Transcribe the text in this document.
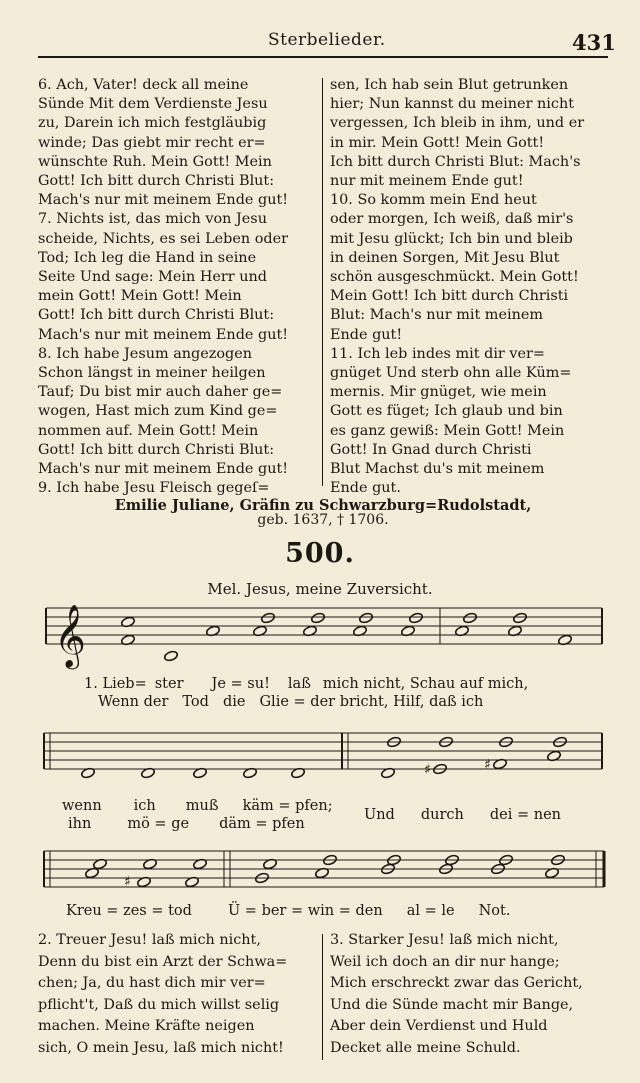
Sterbelieder.	431

6. Ach, Vater! deck all meine

Sünde Mit dem Verdienste Jesu

zu, Darein ich mich festgläubig

winde; Das giebt mir recht er=

wünschte Ruh. Mein Gott! Mein

Gott! Ich bitt durch Christi Blut:

Mach's nur mit meinem Ende gut!

7. Nichts ist, das mich von Jesu

scheide, Nichts, es sei Leben oder

Tod; Ich leg die Hand in seine

Seite Und sage: Mein Herr und

mein Gott! Mein Gott! Mein

Gott! Ich bitt durch Christi Blut:

Mach's nur mit meinem Ende gut!

8. Ich habe Jesum angezogen

Schon längst in meiner heilgen

Tauf; Du bist mir auch daher ge=

wogen, Hast mich zum Kind ge=

nommen auf. Mein Gott! Mein

Gott! Ich bitt durch Christi Blut:

Mach's nur mit meinem Ende gut!

9. Ich habe Jesu Fleisch gegeſ=

sen, Ich hab sein Blut getrunken

hier; Nun kannst du meiner nicht

vergessen, Ich bleib in ihm, und er

in mir. Mein Gott! Mein Gott!

Ich bitt durch Christi Blut: Mach's

nur mit meinem Ende gut!

10. So komm mein End heut

oder morgen, Ich weiß, daß mir's

mit Jesu glückt; Ich bin und bleib

in deinen Sorgen, Mit Jesu Blut

schön ausgeschmückt. Mein Gott!

Mein Gott! Ich bitt durch Christi

Blut: Mach's nur mit meinem

Ende gut!

11. Ich leb indes mit dir ver=

gnüget Und sterb ohn alle Küm=

mernis. Mir gnüget, wie mein

Gott es füget; Ich glaub und bin

es ganz gewiß: Mein Gott! Mein

Gott! In Gnad durch Christi

Blut Machst du's mit meinem

Ende gut.

Emilie Juliane, Gräfin zu Schwarzburg=Rudolstadt,
geb. 1637, † 1706.
500.
Mel. Jesus, meine Zuversicht.
𝄞
♯	♯
♯
1. Lieb= ster Je = su! laß mich nicht, Schau auf mich,
Wenn der Tod die Glie = der bricht, Hilf, daß ich
wenn ich muß käm = pfen;
ihn mö = ge däm = pfen
Und durch dei = nen
Kreu = zes = tod Ü = ber = win = den al = le Not.

2. Treuer Jesu! laß mich nicht,

Denn du bist ein Arzt der Schwa=

chen; Ja, du hast dich mir ver=

pflicht't, Daß du mich willst selig

machen. Meine Kräfte neigen

sich, O mein Jesu, laß mich nicht!

3. Starker Jesu! laß mich nicht,

Weil ich doch an dir nur hange;

Mich erschreckt zwar das Gericht,

Und die Sünde macht mir Bange,

Aber dein Verdienst und Huld

Decket alle meine Schuld.
